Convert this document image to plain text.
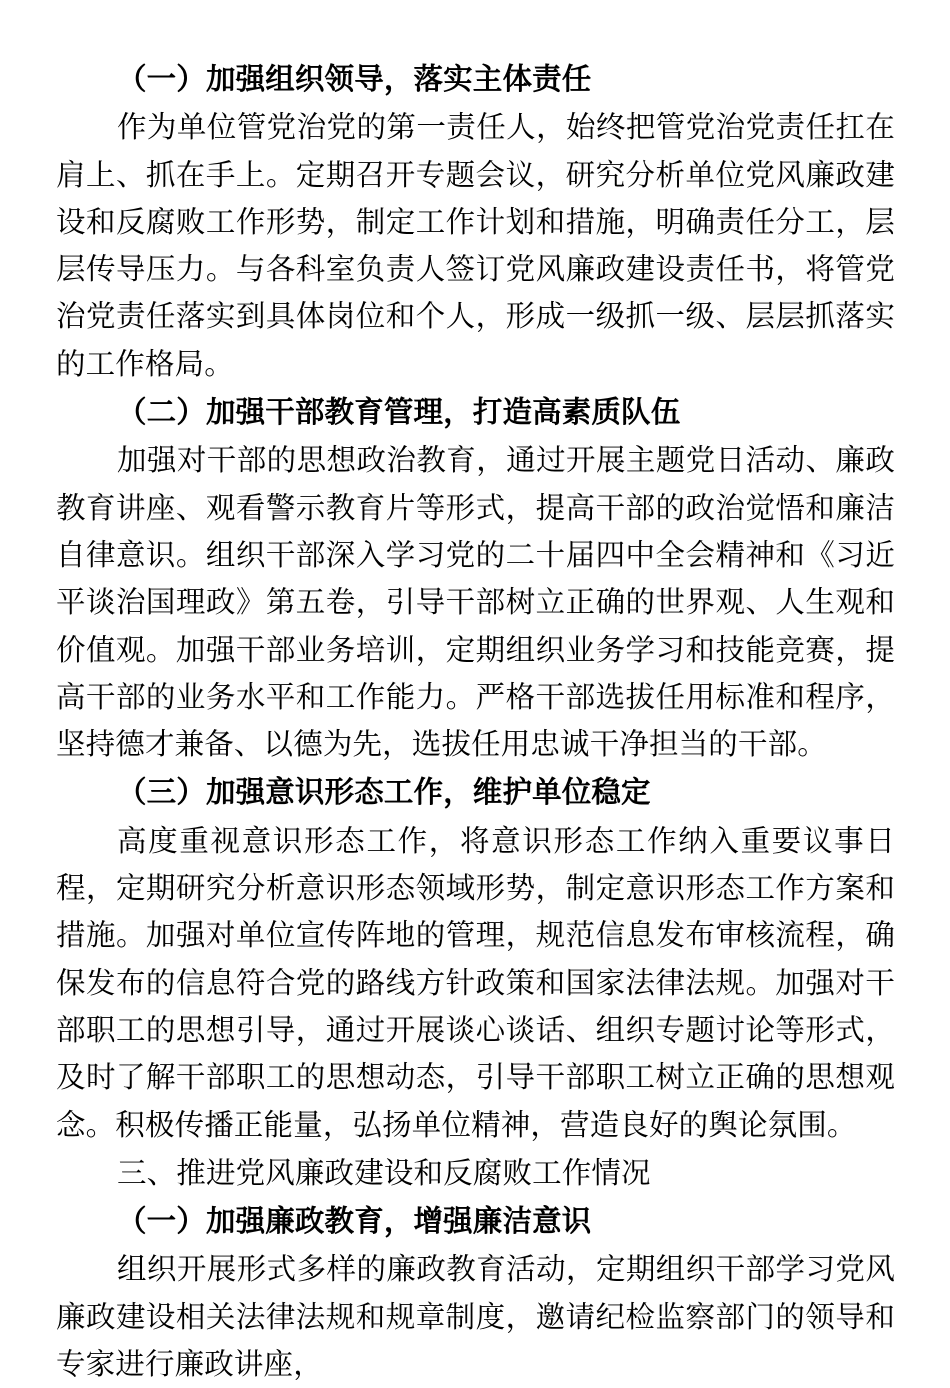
（一）加强组织领导，落实主体责任

作为单位管党治党的第一责任人，始终把管党治党责任扛在肩上、抓在手上。定期召开专题会议，研究分析单位党风廉政建设和反腐败工作形势，制定工作计划和措施，明确责任分工，层层传导压力。与各科室负责人签订党风廉政建设责任书，将管党治党责任落实到具体岗位和个人，形成一级抓一级、层层抓落实的工作格局。

（二）加强干部教育管理，打造高素质队伍

加强对干部的思想政治教育，通过开展主题党日活动、廉政教育讲座、观看警示教育片等形式，提高干部的政治觉悟和廉洁自律意识。组织干部深入学习党的二十届四中全会精神和《习近平谈治国理政》第五卷，引导干部树立正确的世界观、人生观和价值观。加强干部业务培训，定期组织业务学习和技能竞赛，提高干部的业务水平和工作能力。严格干部选拔任用标准和程序，坚持德才兼备、以德为先，选拔任用忠诚干净担当的干部。

（三）加强意识形态工作，维护单位稳定

高度重视意识形态工作，将意识形态工作纳入重要议事日程，定期研究分析意识形态领域形势，制定意识形态工作方案和措施。加强对单位宣传阵地的管理，规范信息发布审核流程，确保发布的信息符合党的路线方针政策和国家法律法规。加强对干部职工的思想引导，通过开展谈心谈话、组织专题讨论等形式，及时了解干部职工的思想动态，引导干部职工树立正确的思想观念。积极传播正能量，弘扬单位精神，营造良好的舆论氛围。

三、推进党风廉政建设和反腐败工作情况

（一）加强廉政教育，增强廉洁意识

组织开展形式多样的廉政教育活动，定期组织干部学习党风廉政建设相关法律法规和规章制度，邀请纪检监察部门的领导和专家进行廉政讲座，
